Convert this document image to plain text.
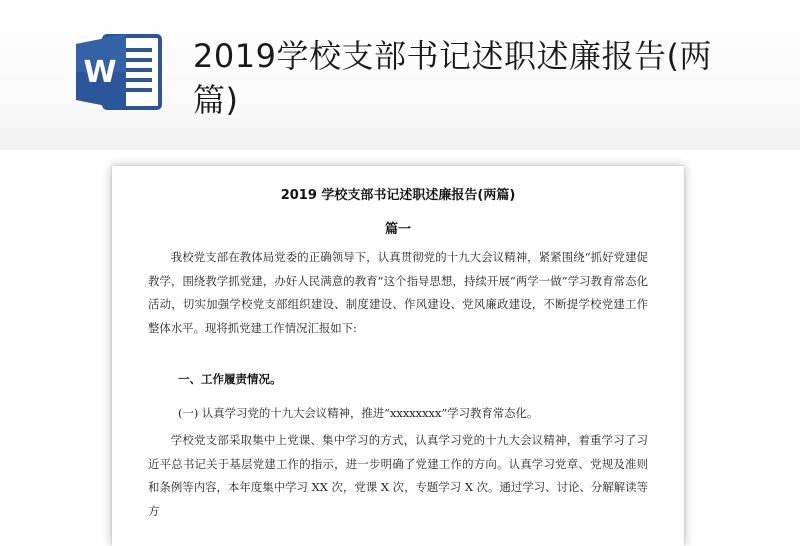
W 2019学校支部书记述职述廉报告(两篇)
2019 学校支部书记述职述廉报告(两篇)
篇一

我校党支部在教体局党委的正确领导下，认真贯彻党的十九大会议精神，紧紧围绕“抓好党建促教学，围绕教学抓党建，办好人民满意的教育”这个指导思想，持续开展“两学一做”学习教育常态化活动，切实加强学校党支部组织建设、制度建设、作风建设、党风廉政建设，不断提学校党建工作整体水平。现将抓党建工作情况汇报如下:

一、工作履责情况。
(一) 认真学习党的十九大会议精神，推进“xxxxxxxx”学习教育常态化。

学校党支部采取集中上党课、集中学习的方式，认真学习党的十九大会议精神，着重学习了习近平总书记关于基层党建工作的指示，进一步明确了党建工作的方向。认真学习党章、党规及准则和条例等内容，本年度集中学习 XX 次，党课 X 次，专题学习 X 次。通过学习、讨论、分解解读等方
